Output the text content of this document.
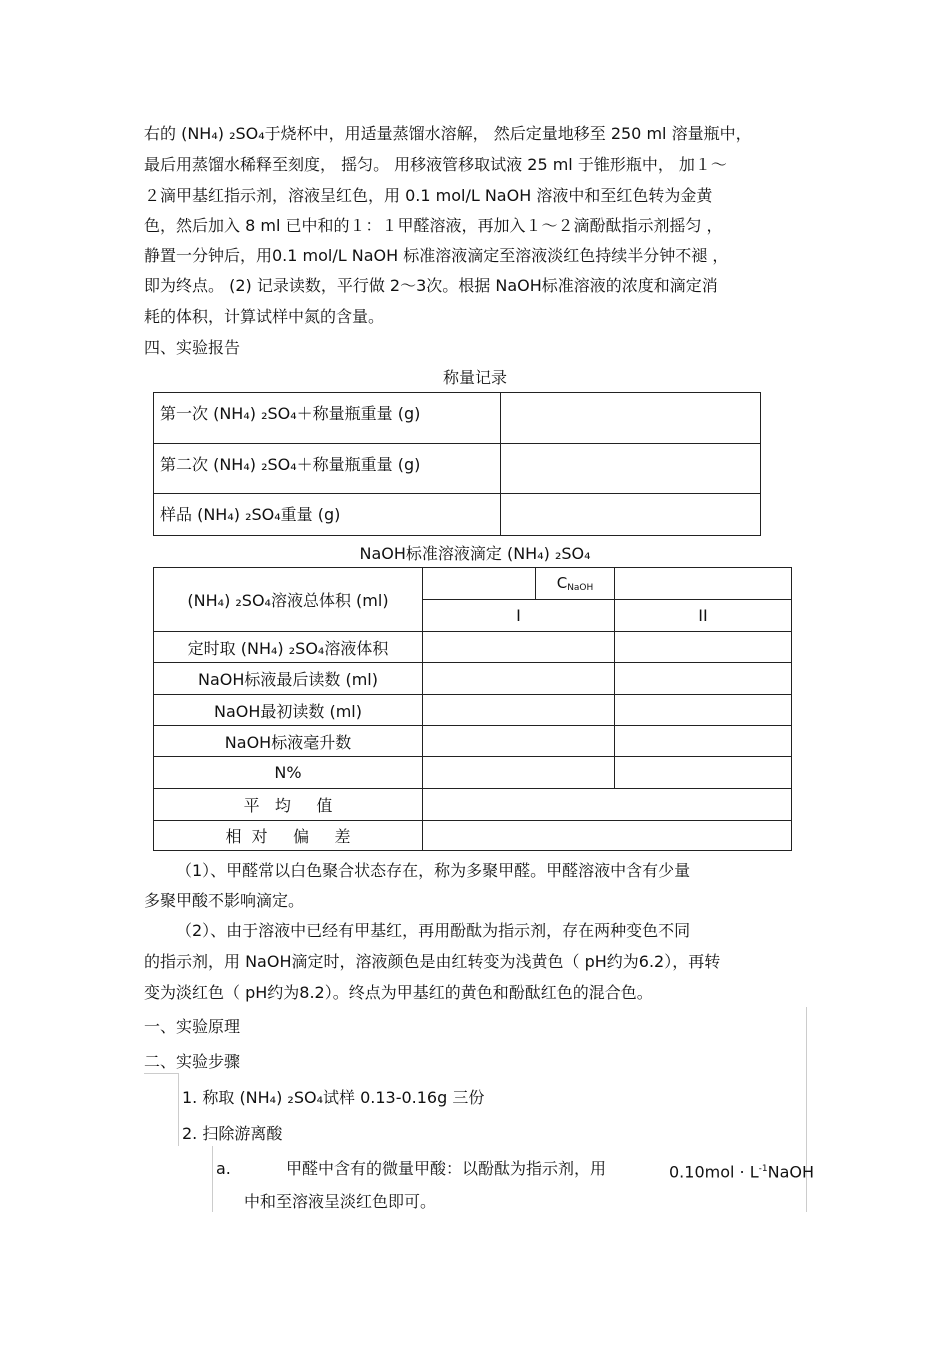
右的 (NH₄) ₂SO₄于烧杯中，用适量蒸馏水溶解， 然后定量地移至 250 ml 溶量瓶中，
最后用蒸馏水稀释至刻度， 摇匀。 用移液管移取试液 25 ml 于锥形瓶中， 加１～
２滴甲基红指示剂，溶液呈红色，用 0.1 mol/L NaOH 溶液中和至红色转为金黄
色，然后加入 8 ml 已中和的１：１甲醛溶液，再加入１～２滴酚酞指示剂摇匀 ，
静置一分钟后，用0.1 mol/L NaOH 标准溶液滴定至溶液淡红色持续半分钟不褪 ，
即为终点。 (2) 记录读数，平行做 2～3次。根据 NaOH标准溶液的浓度和滴定消
耗的体积，计算试样中氮的含量。
四、实验报告
称量记录
第一次 (NH₄) ₂SO₄＋称量瓶重量 (g)	
第二次 (NH₄) ₂SO₄＋称量瓶重量 (g)	
样品 (NH₄) ₂SO₄重量 (g)	
NaOH标准溶液滴定 (NH₄) ₂SO₄
(NH₄) ₂SO₄溶液总体积 (ml)		$C_{NaOH}$	
	I		II
定时取 (NH₄) ₂SO₄溶液体积			
NaOH标液最后读数 (ml)			
NaOH最初读数 (ml)			
NaOH标液毫升数			
N%			
平   均     值			
相  对     偏     差			
（1）、甲醛常以白色聚合状态存在，称为多聚甲醛。甲醛溶液中含有少量
多聚甲酸不影响滴定。
（2）、由于溶液中已经有甲基红，再用酚酞为指示剂，存在两种变色不同
的指示剂，用 NaOH滴定时，溶液颜色是由红转变为浅黄色（ pH约为6.2），再转
变为淡红色（ pH约为8.2）。终点为甲基红的黄色和酚酞红色的混合色。
一、实验原理
二、实验步骤
1. 称取 (NH₄) ₂SO₄试样 0.13-0.16g 三份
2. 扫除游离酸
a.	甲醛中含有的微量甲酸：以酚酞为指示剂，用	$0.10mol \cdot L^{-1}NaOH$
中和至溶液呈淡红色即可。
